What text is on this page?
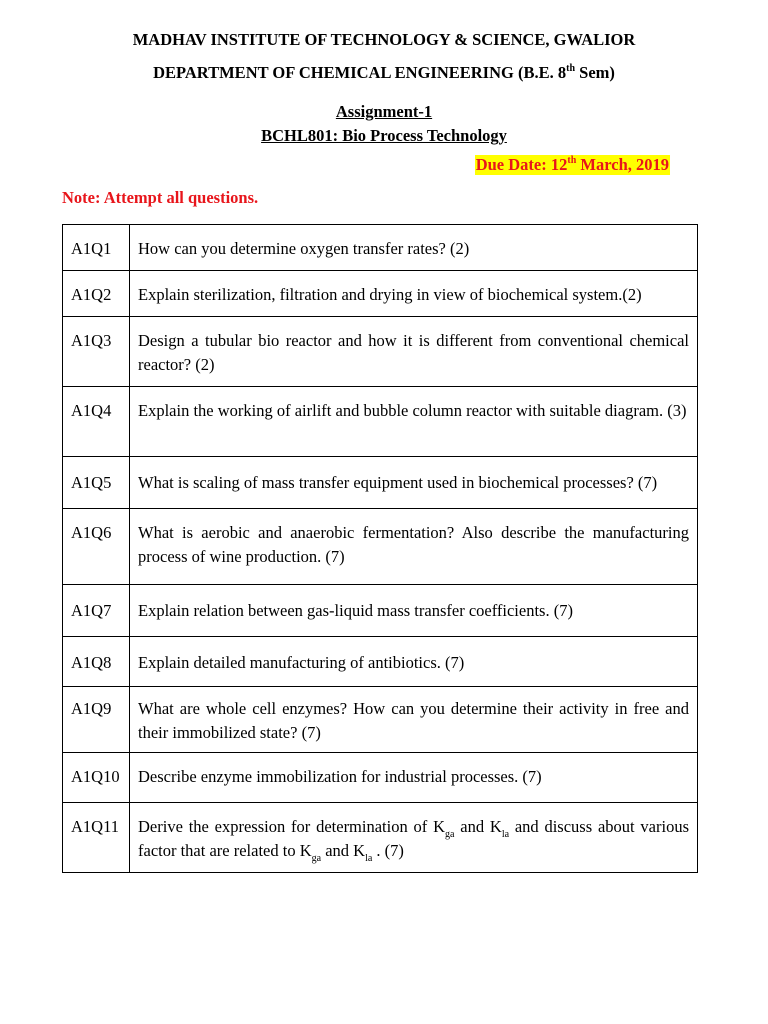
MADHAV INSTITUTE OF TECHNOLOGY & SCIENCE, GWALIOR
DEPARTMENT OF CHEMICAL ENGINEERING (B.E. 8th Sem)
Assignment-1
BCHL801: Bio Process Technology
Due Date: 12th March, 2019
Note: Attempt all questions.
A1Q1	How can you determine oxygen transfer rates? (2)
A1Q2	Explain sterilization, filtration and drying in view of biochemical system.(2)
A1Q3	Design a tubular bio reactor and how it is different from conventional chemical reactor? (2)
A1Q4	Explain the working of airlift and bubble column reactor with suitable diagram. (3)
A1Q5	What is scaling of mass transfer equipment used in biochemical processes? (7)
A1Q6	What is aerobic and anaerobic fermentation? Also describe the manufacturing process of wine production. (7)
A1Q7	Explain relation between gas-liquid mass transfer coefficients. (7)
A1Q8	Explain detailed manufacturing of antibiotics. (7)
A1Q9	What are whole cell enzymes? How can you determine their activity in free and their immobilized state? (7)
A1Q10	Describe enzyme immobilization for industrial processes. (7)
A1Q11	Derive the expression for determination of $K_{ga}$ and $K_{la}$ and discuss about various factor that are related to $K_{ga}$ and $K_{la}$ . (7)
